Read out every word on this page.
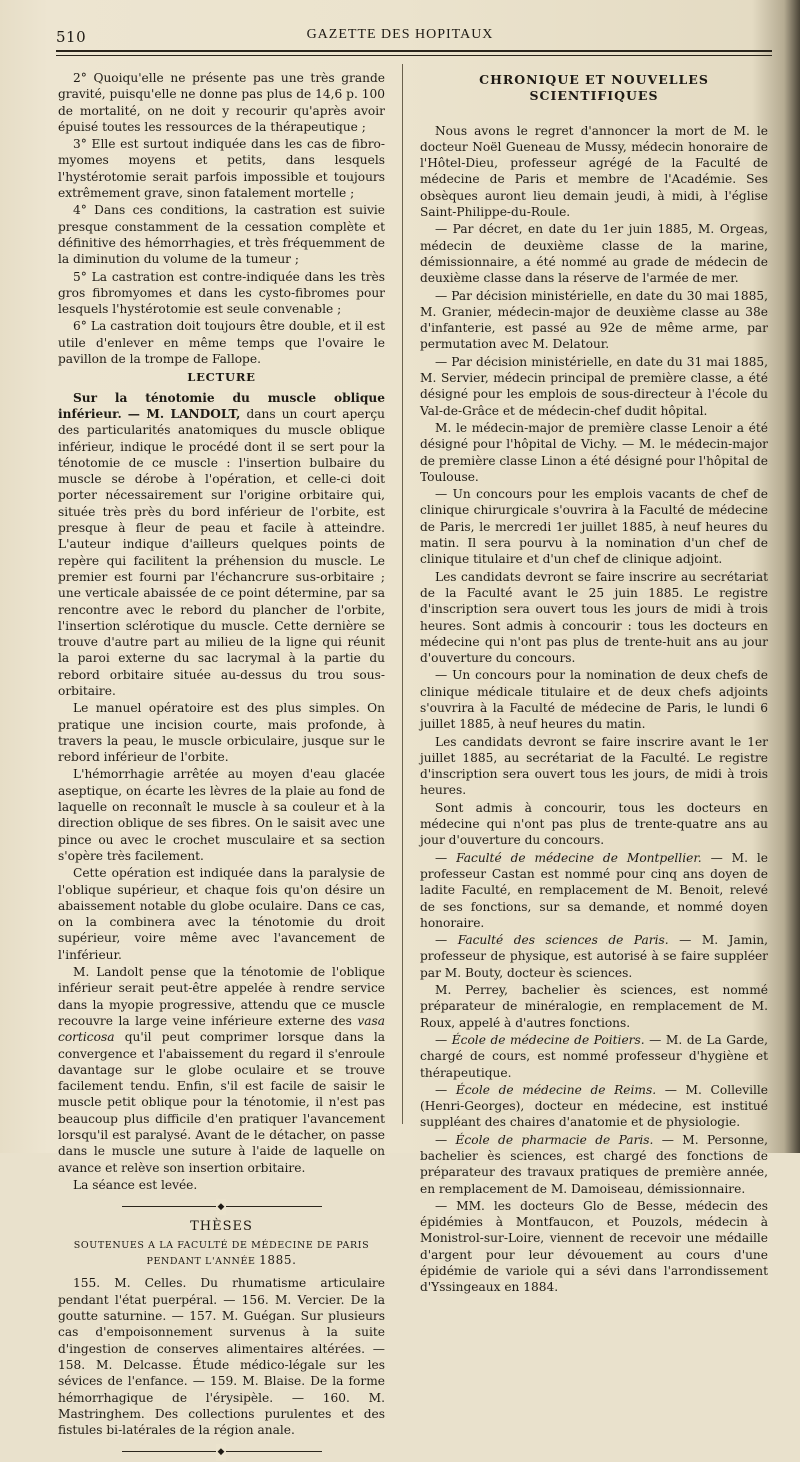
510	GAZETTE DES HOPITAUX

2° Quoiqu'elle ne présente pas une très grande gravité, puisqu'elle ne donne pas plus de 14,6 p. 100 de mortalité, on ne doit y recourir qu'après avoir épuisé toutes les ressources de la thérapeutique ;

3° Elle est surtout indiquée dans les cas de fibro-myomes moyens et petits, dans lesquels l'hystérotomie serait parfois impossible et toujours extrêmement grave, sinon fatalement mortelle ;

4° Dans ces conditions, la castration est suivie presque constamment de la cessation complète et définitive des hémorrhagies, et très fréquemment de la diminution du volume de la tumeur ;

5° La castration est contre-indiquée dans les très gros fibromyomes et dans les cysto-fibromes pour lesquels l'hystérotomie est seule convenable ;

6° La castration doit toujours être double, et il est utile d'enlever en même temps que l'ovaire le pavillon de la trompe de Fallope.

LECTURE

Sur la ténotomie du muscle oblique inférieur. — M. LANDOLT, dans un court aperçu des particularités anatomiques du muscle oblique inférieur, indique le procédé dont il se sert pour la ténotomie de ce muscle : l'insertion bulbaire du muscle se dérobe à l'opération, et celle-ci doit porter nécessairement sur l'origine orbitaire qui, située très près du bord inférieur de l'orbite, est presque à fleur de peau et facile à atteindre. L'auteur indique d'ailleurs quelques points de repère qui facilitent la préhension du muscle. Le premier est fourni par l'échancrure sus-orbitaire ; une verticale abaissée de ce point détermine, par sa rencontre avec le rebord du plancher de l'orbite, l'insertion sclérotique du muscle. Cette dernière se trouve d'autre part au milieu de la ligne qui réunit la paroi externe du sac lacrymal à la partie du rebord orbitaire située au-dessus du trou sous-orbitaire.

Le manuel opératoire est des plus simples. On pratique une incision courte, mais profonde, à travers la peau, le muscle orbiculaire, jusque sur le rebord inférieur de l'orbite.

L'hémorrhagie arrêtée au moyen d'eau glacée aseptique, on écarte les lèvres de la plaie au fond de laquelle on reconnaît le muscle à sa couleur et à la direction oblique de ses fibres. On le saisit avec une pince ou avec le crochet musculaire et sa section s'opère très facilement.

Cette opération est indiquée dans la paralysie de l'oblique supérieur, et chaque fois qu'on désire un abaissement notable du globe oculaire. Dans ce cas, on la combinera avec la ténotomie du droit supérieur, voire même avec l'avancement de l'inférieur.

M. Landolt pense que la ténotomie de l'oblique inférieur serait peut-être appelée à rendre service dans la myopie progressive, attendu que ce muscle recouvre la large veine inférieure externe des vasa corticosa qu'il peut comprimer lorsque dans la convergence et l'abaissement du regard il s'enroule davantage sur le globe oculaire et se trouve facilement tendu. Enfin, s'il est facile de saisir le muscle petit oblique pour la ténotomie, il n'est pas beaucoup plus difficile d'en pratiquer l'avancement lorsqu'il est paralysé. Avant de le détacher, on passe dans le muscle une suture à l'aide de laquelle on avance et relève son insertion orbitaire.

La séance est levée.

◆
THÈSES
SOUTENUES A LA FACULTÉ DE MÉDECINE DE PARIS
PENDANT L'ANNÉE 1885.

155. M. Celles. Du rhumatisme articulaire pendant l'état puerpéral. — 156. M. Vercier. De la goutte saturnine. — 157. M. Guégan. Sur plusieurs cas d'empoisonnement survenus à la suite d'ingestion de conserves alimentaires altérées. — 158. M. Delcasse. Étude médico-légale sur les sévices de l'enfance. — 159. M. Blaise. De la forme hémorrhagique de l'érysipèle. — 160. M. Mastringhem. Des collections purulentes et des fistules bi-latérales de la région anale.

◆
CHRONIQUE ET NOUVELLES SCIENTIFIQUES

Nous avons le regret d'annoncer la mort de M. le docteur Noël Gueneau de Mussy, médecin honoraire de l'Hôtel-Dieu, professeur agrégé de la Faculté de médecine de Paris et membre de l'Académie. Ses obsèques auront lieu demain jeudi, à midi, à l'église Saint-Philippe-du-Roule.

— Par décret, en date du 1er juin 1885, M. Orgeas, médecin de deuxième classe de la marine, démissionnaire, a été nommé au grade de médecin de deuxième classe dans la réserve de l'armée de mer.

— Par décision ministérielle, en date du 30 mai 1885, M. Granier, médecin-major de deuxième classe au 38e d'infanterie, est passé au 92e de même arme, par permutation avec M. Delatour.

— Par décision ministérielle, en date du 31 mai 1885, M. Servier, médecin principal de première classe, a été désigné pour les emplois de sous-directeur à l'école du Val-de-Grâce et de médecin-chef dudit hôpital.

M. le médecin-major de première classe Lenoir a été désigné pour l'hôpital de Vichy. — M. le médecin-major de première classe Linon a été désigné pour l'hôpital de Toulouse.

— Un concours pour les emplois vacants de chef de clinique chirurgicale s'ouvrira à la Faculté de médecine de Paris, le mercredi 1er juillet 1885, à neuf heures du matin. Il sera pourvu à la nomination d'un chef de clinique titulaire et d'un chef de clinique adjoint.

Les candidats devront se faire inscrire au secrétariat de la Faculté avant le 25 juin 1885. Le registre d'inscription sera ouvert tous les jours de midi à trois heures. Sont admis à concourir : tous les docteurs en médecine qui n'ont pas plus de trente-huit ans au jour d'ouverture du concours.

— Un concours pour la nomination de deux chefs de clinique médicale titulaire et de deux chefs adjoints s'ouvrira à la Faculté de médecine de Paris, le lundi 6 juillet 1885, à neuf heures du matin.

Les candidats devront se faire inscrire avant le 1er juillet 1885, au secrétariat de la Faculté. Le registre d'inscription sera ouvert tous les jours, de midi à trois heures.

Sont admis à concourir, tous les docteurs en médecine qui n'ont pas plus de trente-quatre ans au jour d'ouverture du concours.

— Faculté de médecine de Montpellier. — M. le professeur Castan est nommé pour cinq ans doyen de ladite Faculté, en remplacement de M. Benoit, relevé de ses fonctions, sur sa demande, et nommé doyen honoraire.

— Faculté des sciences de Paris. — M. Jamin, professeur de physique, est autorisé à se faire suppléer par M. Bouty, docteur ès sciences.

M. Perrey, bachelier ès sciences, est nommé préparateur de minéralogie, en remplacement de M. Roux, appelé à d'autres fonctions.

— École de médecine de Poitiers. — M. de La Garde, chargé de cours, est nommé professeur d'hygiène et thérapeutique.

— École de médecine de Reims. — M. Colleville (Henri-Georges), docteur en médecine, est institué suppléant des chaires d'anatomie et de physiologie.

— École de pharmacie de Paris. — M. Personne, bachelier ès sciences, est chargé des fonctions de préparateur des travaux pratiques de première année, en remplacement de M. Damoiseau, démissionnaire.

— MM. les docteurs Glo de Besse, médecin des épidémies à Montfaucon, et Pouzols, médecin à Monistrol-sur-Loire, viennent de recevoir une médaille d'argent pour leur dévouement au cours d'une épidémie de variole qui a sévi dans l'arrondissement d'Yssingeaux en 1884.
